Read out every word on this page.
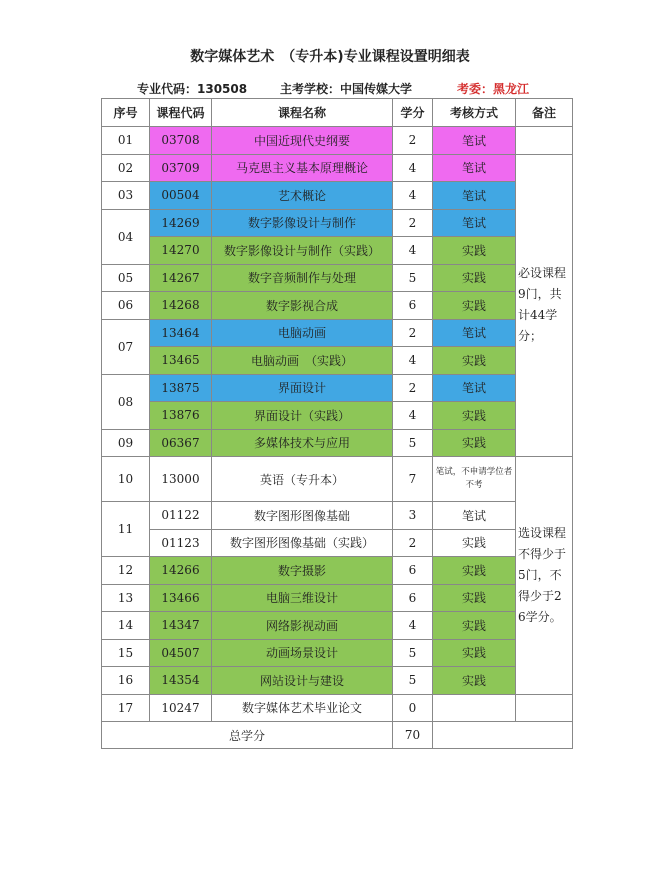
数字媒体艺术　（专升本)专业课程设置明细表
专业代码：130508	主考学校：中国传媒大学	考委：黑龙江
序号	课程代码	课程名称	学分	考核方式	备注
01	03708	中国近现代史纲要	2	笔试	
02	03709	马克思主义基本原理概论	4	笔试	必设课程9门，共计44学分；

03	00504	艺术概论	4	笔试	
04	14269	数字影像设计与制作	2	笔试	
	14270	数字影像设计与制作（实践）	4	实践	
05	14267	数字音频制作与处理	5	实践	
06	14268	数字影视合成	6	实践	
07	13464	电脑动画	2	笔试	
	13465	电脑动画　（实践）	4	实践	
08	13875	界面设计	2	笔试	
	13876	界面设计（实践）	4	实践	
09	06367	多媒体技术与应用	5	实践	
10	13000	英语（专升本）	7	笔试，不申请学位者不考	选设课程不得少于5门，不得少于26学分。

11	01122	数字图形图像基础	3	笔试	
	01123	数字图形图像基础（实践）	2	实践	
12	14266	数字摄影	6	实践	
13	13466	电脑三维设计	6	实践	
14	14347	网络影视动画	4	实践	
15	04507	动画场景设计	5	实践	
16	14354	网站设计与建设	5	实践	
17	10247	数字媒体艺术毕业论文	0		
总学分			70		
